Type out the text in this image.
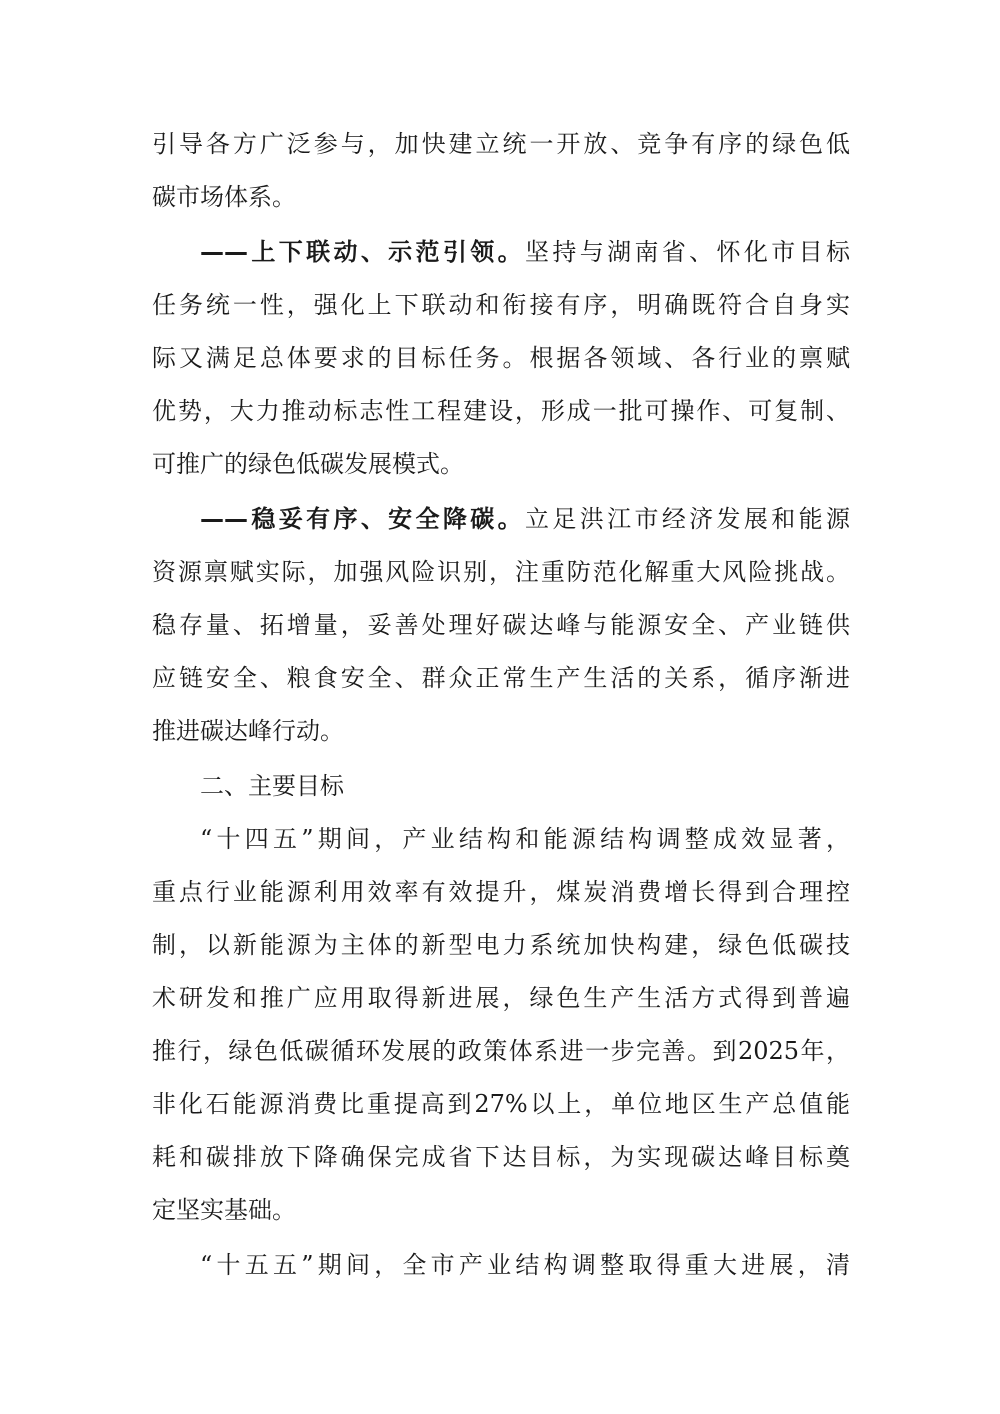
引导各方广泛参与，加快建立统一开放、竞争有序的绿色低
碳市场体系。
——上下联动、示范引领。坚持与湖南省、怀化市目标
任务统一性，强化上下联动和衔接有序，明确既符合自身实
际又满足总体要求的目标任务。根据各领域、各行业的禀赋
优势，大力推动标志性工程建设，形成一批可操作、可复制、
可推广的绿色低碳发展模式。
——稳妥有序、安全降碳。立足洪江市经济发展和能源
资源禀赋实际，加强风险识别，注重防范化解重大风险挑战。
稳存量、拓增量，妥善处理好碳达峰与能源安全、产业链供
应链安全、粮食安全、群众正常生产生活的关系，循序渐进
推进碳达峰行动。
二、主要目标
“十四五”期间，产业结构和能源结构调整成效显著，
重点行业能源利用效率有效提升，煤炭消费增长得到合理控
制，以新能源为主体的新型电力系统加快构建，绿色低碳技
术研发和推广应用取得新进展，绿色生产生活方式得到普遍
推行，绿色低碳循环发展的政策体系进一步完善。到2025年，
非化石能源消费比重提高到27%以上，单位地区生产总值能
耗和碳排放下降确保完成省下达目标，为实现碳达峰目标奠
定坚实基础。
“十五五”期间，全市产业结构调整取得重大进展，清
